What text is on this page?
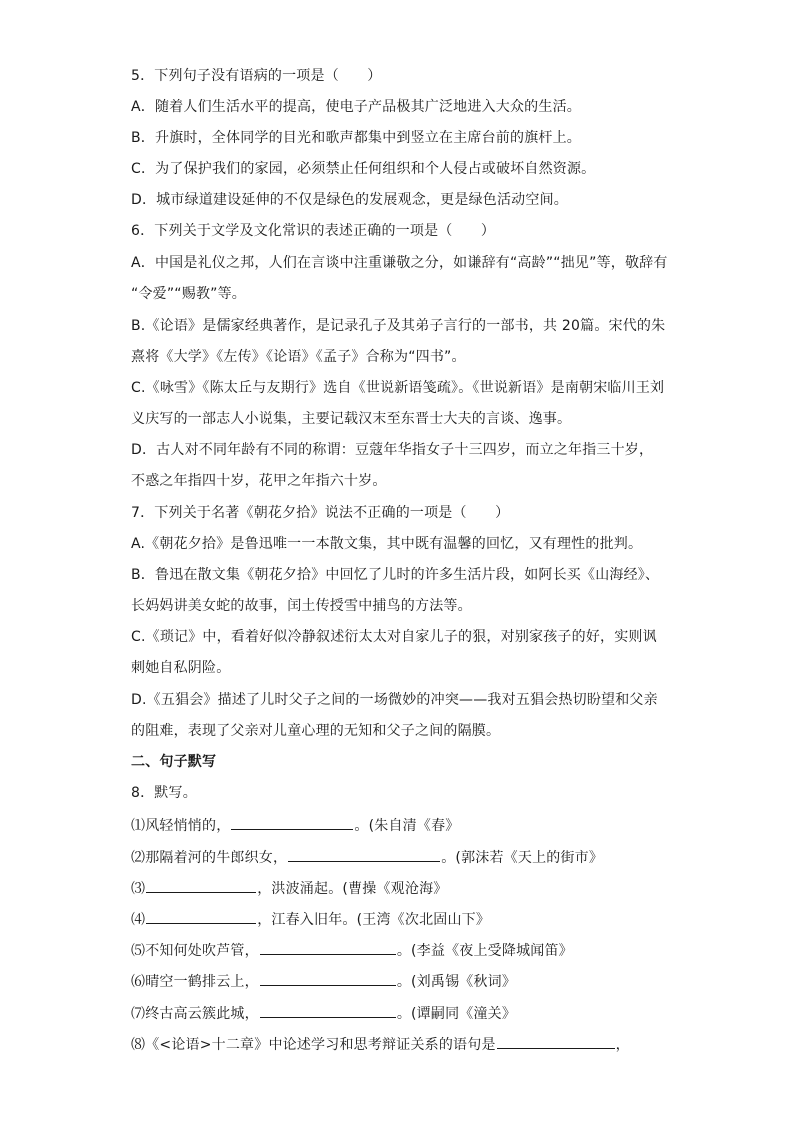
5．下列句子没有语病的一项是（　　）
A．随着人们生活水平的提高，使电子产品极其广泛地进入大众的生活。
B．升旗时，全体同学的目光和歌声都集中到竖立在主席台前的旗杆上。
C．为了保护我们的家园，必须禁止任何组织和个人侵占或破坏自然资源。
D．城市绿道建设延伸的不仅是绿色的发展观念，更是绿色活动空间。
6．下列关于文学及文化常识的表述正确的一项是（　　）
A．中国是礼仪之邦，人们在言谈中注重谦敬之分，如谦辞有“高龄”“拙见”等，敬辞有
“令爱”“赐教”等。
B.《论语》是儒家经典著作，是记录孔子及其弟子言行的一部书，共 20篇。宋代的朱
熹将《大学》《左传》《论语》《孟子》合称为“四书”。
C.《咏雪》《陈太丘与友期行》选自《世说新语笺疏》。《世说新语》是南朝宋临川王刘
义庆写的一部志人小说集，主要记载汉末至东晋士大夫的言谈、逸事。
D．古人对不同年龄有不同的称谓：豆蔻年华指女子十三四岁，而立之年指三十岁，
不惑之年指四十岁，花甲之年指六十岁。
7．下列关于名著《朝花夕拾》说法不正确的一项是（　　）
A.《朝花夕拾》是鲁迅唯一一本散文集，其中既有温馨的回忆，又有理性的批判。
B．鲁迅在散文集《朝花夕拾》中回忆了儿时的许多生活片段，如阿长买《山海经》、
长妈妈讲美女蛇的故事，闰土传授雪中捕鸟的方法等。
C.《琐记》中，看着好似冷静叙述衍太太对自家儿子的狠，对别家孩子的好，实则讽
刺她自私阴险。
D.《五猖会》描述了儿时父子之间的一场微妙的冲突——我对五猖会热切盼望和父亲
的阻难，表现了父亲对儿童心理的无知和父子之间的隔膜。
二、句子默写
8．默写。
⑴风轻悄悄的，	。(朱自清《春》
⑵那隔着河的牛郎织女，	。(郭沫若《天上的街市》
⑶	，洪波涌起。(曹操《观沧海》
⑷	，江春入旧年。(王湾《次北固山下》
⑸不知何处吹芦管，	。(李益《夜上受降城闻笛》
⑹晴空一鹤排云上，	。(刘禹锡《秋词》
⑺终古高云簇此城，	。(谭嗣同《潼关》
⑻《<论语>十二章》中论述学习和思考辩证关系的语句是	，
